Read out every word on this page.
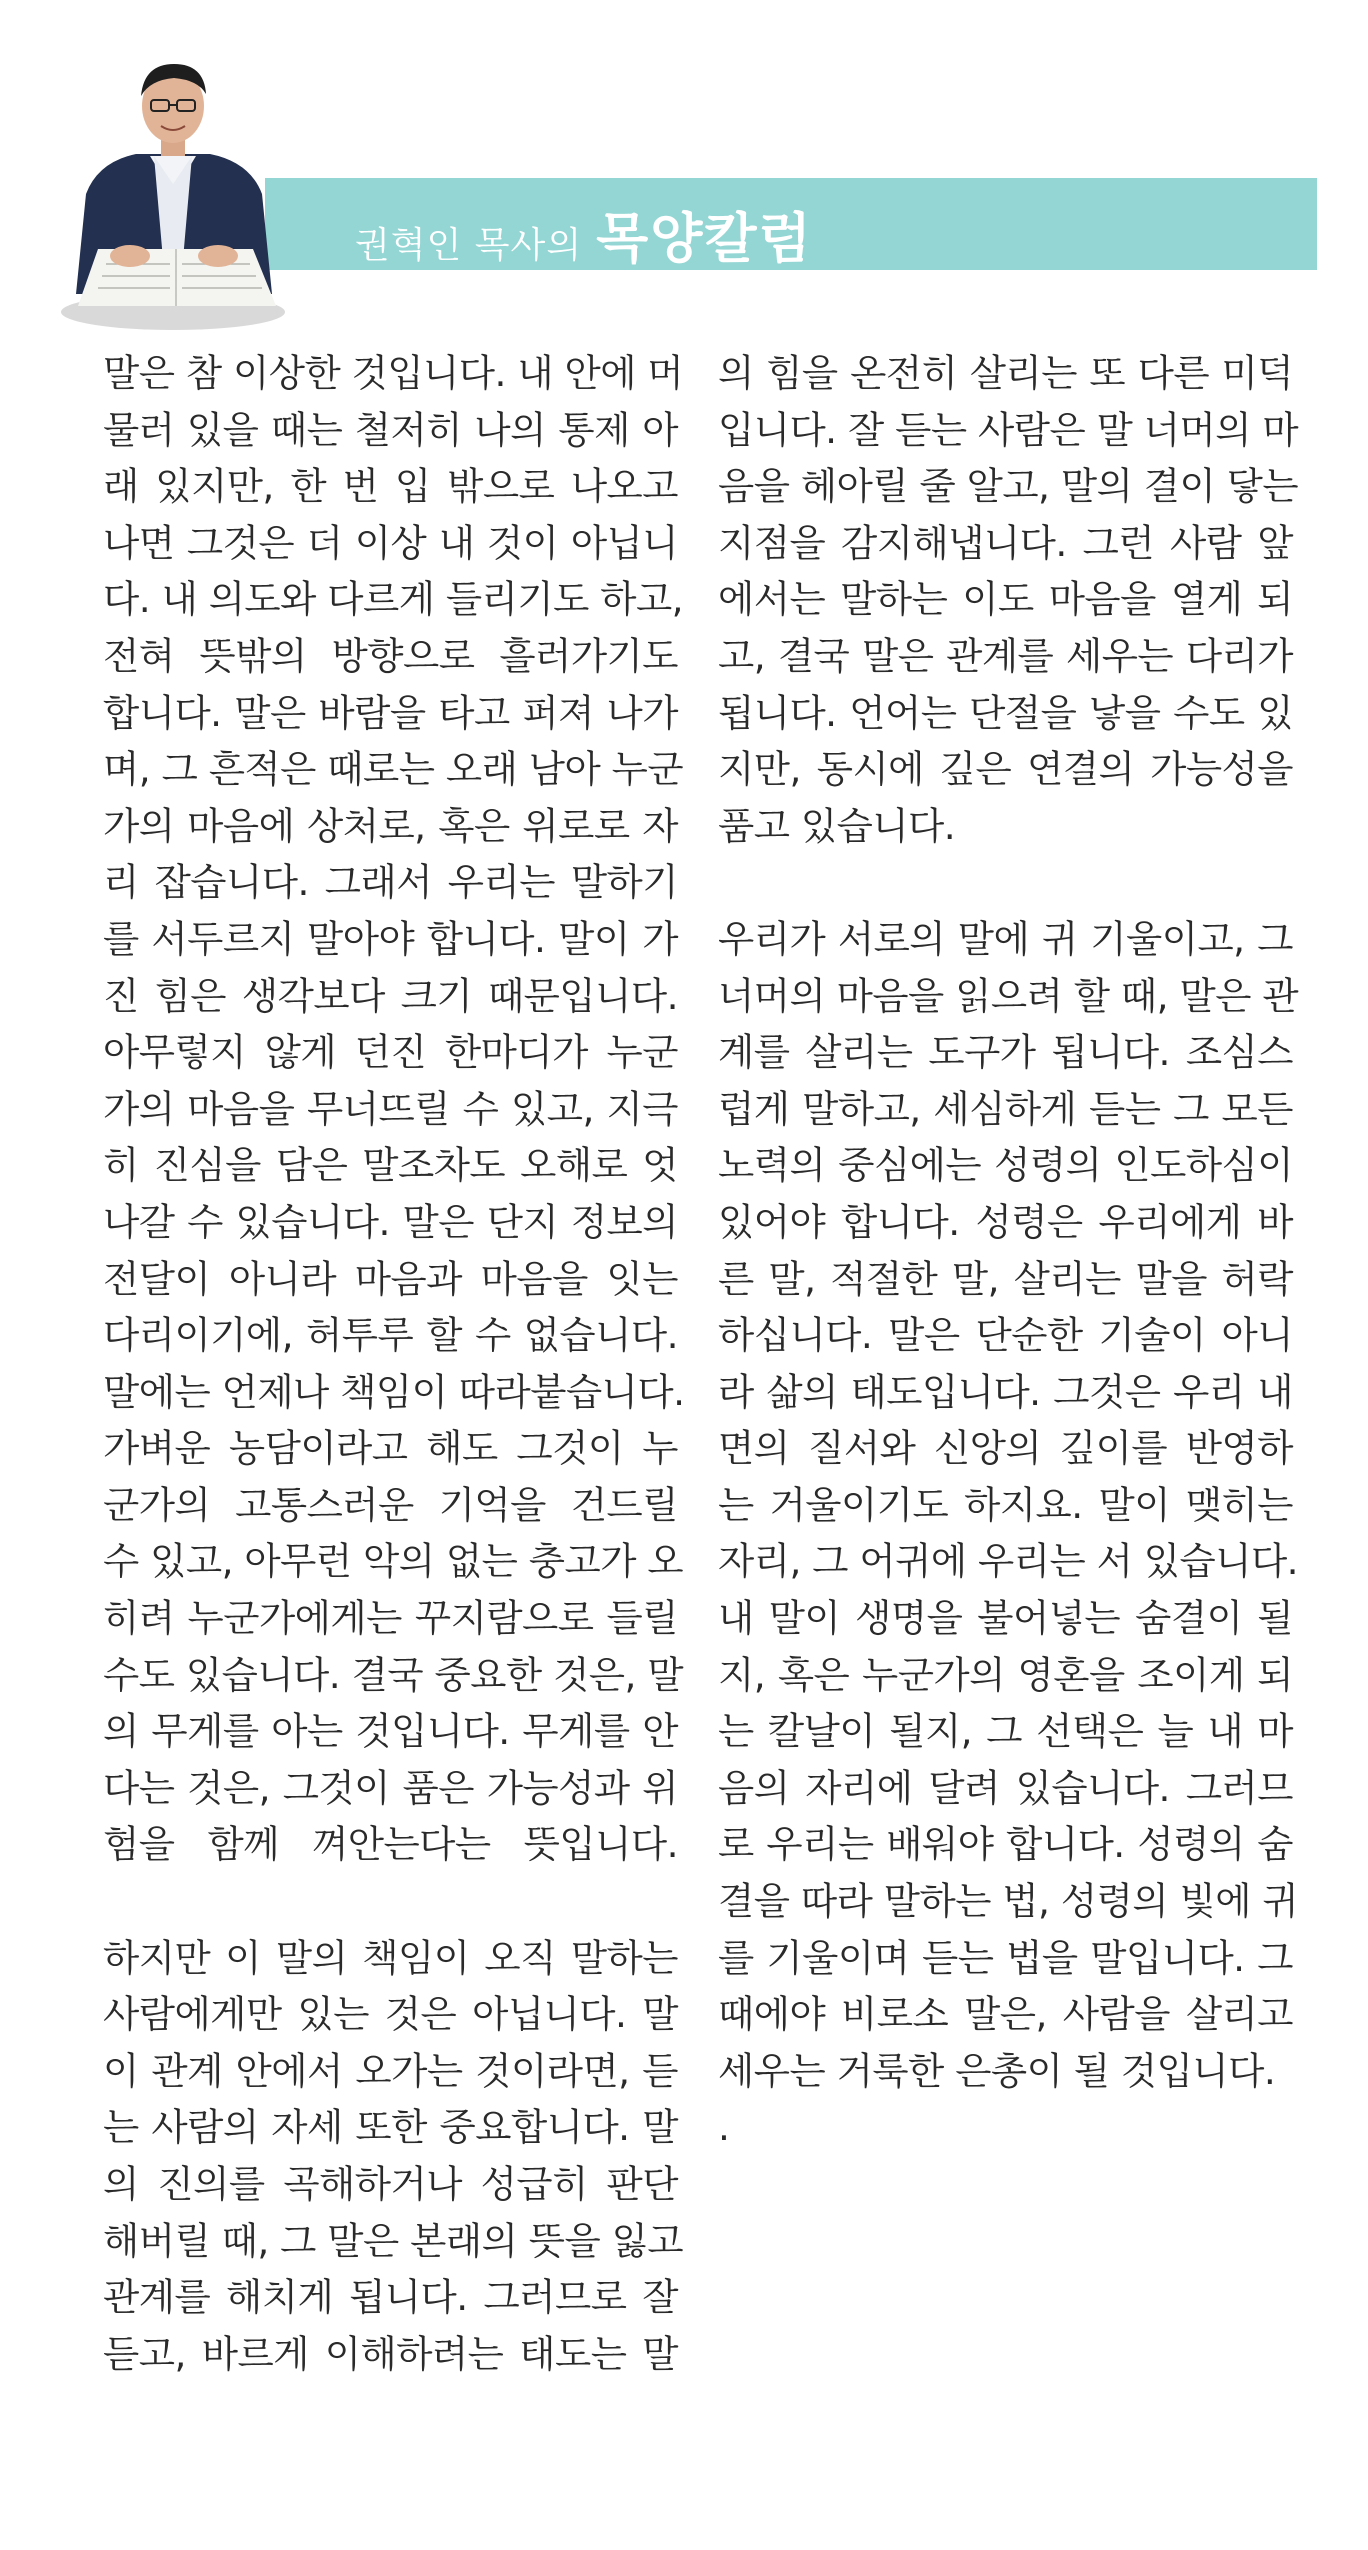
권혁인 목사의 목양칼럼
말은 참 이상한 것입니다. 내 안에 머
물러 있을 때는 철저히 나의 통제 아
래 있지만, 한 번 입 밖으로 나오고
나면 그것은 더 이상 내 것이 아닙니
다. 내 의도와 다르게 들리기도 하고,
전혀 뜻밖의 방향으로 흘러가기도
합니다. 말은 바람을 타고 퍼져 나가
며, 그 흔적은 때로는 오래 남아 누군
가의 마음에 상처로, 혹은 위로로 자
리 잡습니다. 그래서 우리는 말하기
를 서두르지 말아야 합니다. 말이 가
진 힘은 생각보다 크기 때문입니다.
아무렇지 않게 던진 한마디가 누군
가의 마음을 무너뜨릴 수 있고, 지극
히 진심을 담은 말조차도 오해로 엇
나갈 수 있습니다. 말은 단지 정보의
전달이 아니라 마음과 마음을 잇는
다리이기에, 허투루 할 수 없습니다.
말에는 언제나 책임이 따라붙습니다.
가벼운 농담이라고 해도 그것이 누
군가의 고통스러운 기억을 건드릴
수 있고, 아무런 악의 없는 충고가 오
히려 누군가에게는 꾸지람으로 들릴
수도 있습니다. 결국 중요한 것은, 말
의 무게를 아는 것입니다. 무게를 안
다는 것은, 그것이 품은 가능성과 위
험을 함께 껴안는다는 뜻입니다.
하지만 이 말의 책임이 오직 말하는
사람에게만 있는 것은 아닙니다. 말
이 관계 안에서 오가는 것이라면, 듣
는 사람의 자세 또한 중요합니다. 말
의 진의를 곡해하거나 성급히 판단
해버릴 때, 그 말은 본래의 뜻을 잃고
관계를 해치게 됩니다. 그러므로 잘
듣고, 바르게 이해하려는 태도는 말
의 힘을 온전히 살리는 또 다른 미덕
입니다. 잘 듣는 사람은 말 너머의 마
음을 헤아릴 줄 알고, 말의 결이 닿는
지점을 감지해냅니다. 그런 사람 앞
에서는 말하는 이도 마음을 열게 되
고, 결국 말은 관계를 세우는 다리가
됩니다. 언어는 단절을 낳을 수도 있
지만, 동시에 깊은 연결의 가능성을
품고 있습니다.
우리가 서로의 말에 귀 기울이고, 그
너머의 마음을 읽으려 할 때, 말은 관
계를 살리는 도구가 됩니다. 조심스
럽게 말하고, 세심하게 듣는 그 모든
노력의 중심에는 성령의 인도하심이
있어야 합니다. 성령은 우리에게 바
른 말, 적절한 말, 살리는 말을 허락
하십니다. 말은 단순한 기술이 아니
라 삶의 태도입니다. 그것은 우리 내
면의 질서와 신앙의 깊이를 반영하
는 거울이기도 하지요. 말이 맺히는
자리, 그 어귀에 우리는 서 있습니다.
내 말이 생명을 불어넣는 숨결이 될
지, 혹은 누군가의 영혼을 조이게 되
는 칼날이 될지, 그 선택은 늘 내 마
음의 자리에 달려 있습니다. 그러므
로 우리는 배워야 합니다. 성령의 숨
결을 따라 말하는 법, 성령의 빛에 귀
를 기울이며 듣는 법을 말입니다. 그
때에야 비로소 말은, 사람을 살리고
세우는 거룩한 은총이 될 것입니다.
.
